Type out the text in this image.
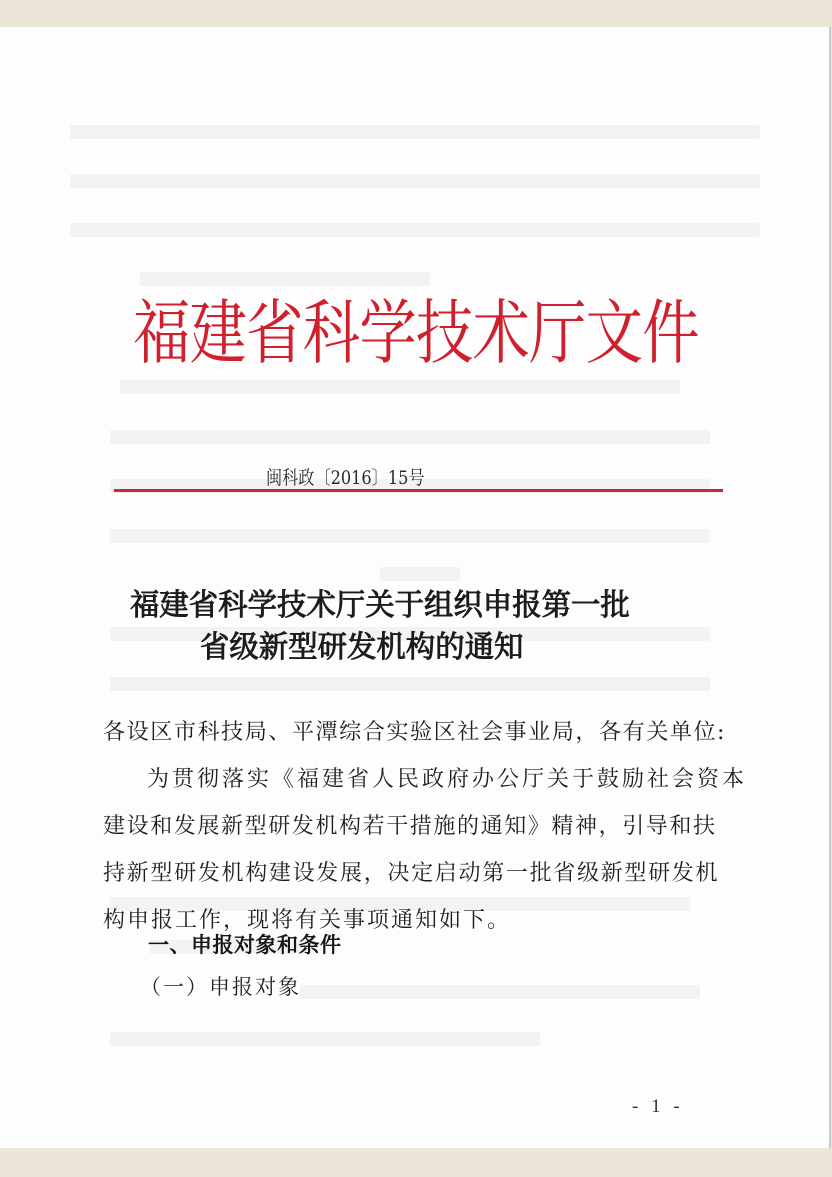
福建省科学技术厅文件
闽科政〔2016〕15号
福建省科学技术厅关于组织申报第一批
省级新型研发机构的通知
各设区市科技局、平潭综合实验区社会事业局，各有关单位:
为贯彻落实《福建省人民政府办公厅关于鼓励社会资本
建设和发展新型研发机构若干措施的通知》精神，引导和扶
持新型研发机构建设发展，决定启动第一批省级新型研发机
构申报工作，现将有关事项通知如下。
一、申报对象和条件
（一）申报对象
- 1 -
